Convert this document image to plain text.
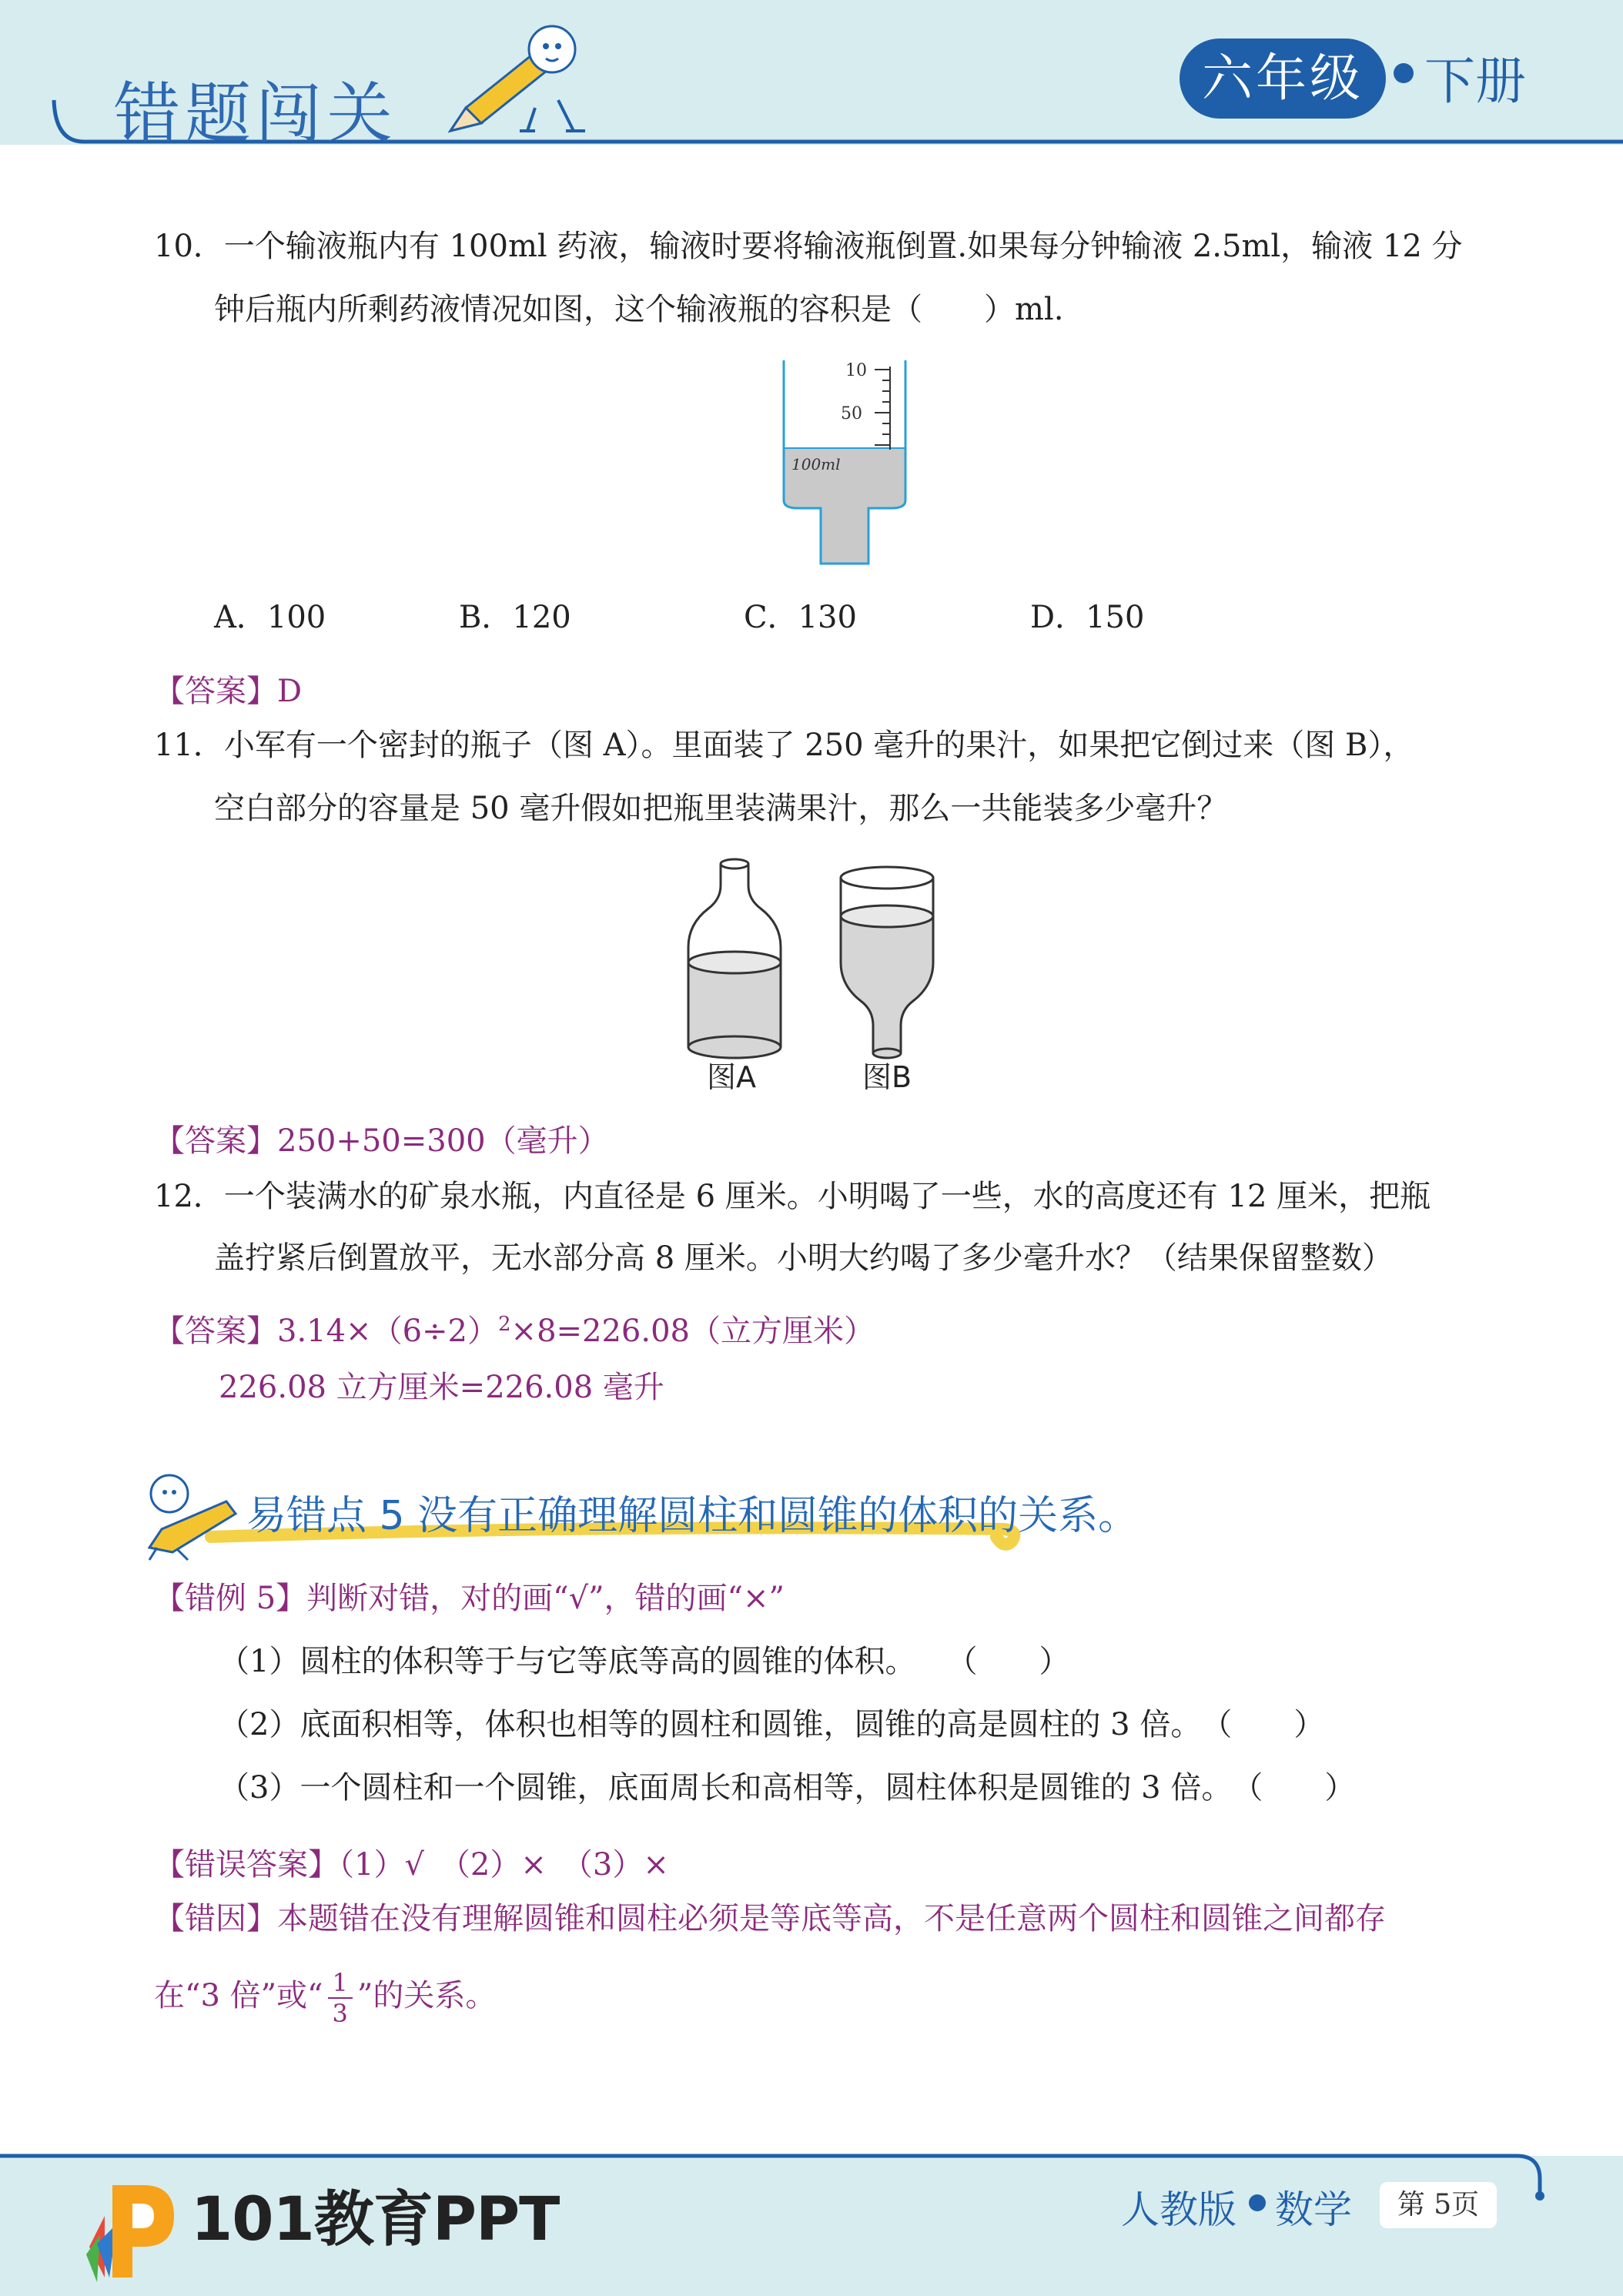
错题闯关	六年级	下册
10．一个输液瓶内有 100ml 药液，输液时要将输液瓶倒置.如果每分钟输液 2.5ml，输液 12 分
钟后瓶内所剩药液情况如图，这个输液瓶的容积是（　　）ml.
10
50
100ml
A．100	B．120	C．130	D．150
【答案】D
11．小军有一个密封的瓶子（图 A）。里面装了 250 毫升的果汁，如果把它倒过来（图 B），
空白部分的容量是 50 毫升假如把瓶里装满果汁，那么一共能装多少毫升？
图A	图B
【答案】250+50=300（毫升）
12．一个装满水的矿泉水瓶，内直径是 6 厘米。小明喝了一些，水的高度还有 12 厘米，把瓶
盖拧紧后倒置放平，无水部分高 8 厘米。小明大约喝了多少毫升水？（结果保留整数）
【答案】$3.14\times(6\div 2)^2\times 8=226.08$（立方厘米）
226.08 立方厘米=226.08 毫升
易错点 5 没有正确理解圆柱和圆锥的体积的关系。
【错例 5】判断对错，对的画“√”，错的画“×”
（1）圆柱的体积等于与它等底等高的圆锥的体积。　　（　　）
（2）底面积相等，体积也相等的圆柱和圆锥，圆锥的高是圆柱的 3 倍。　（　　）
（3）一个圆柱和一个圆锥，底面周长和高相等，圆柱体积是圆锥的 3 倍。　（　　）
【错误答案】（1）√　（2）×　（3）×
【错因】本题错在没有理解圆锥和圆柱必须是等底等高，不是任意两个圆柱和圆锥之间都存
在“3 倍”或“ $\frac{1}{3}$ ”的关系。
101教育PPT	人教版 数学	第 5页
